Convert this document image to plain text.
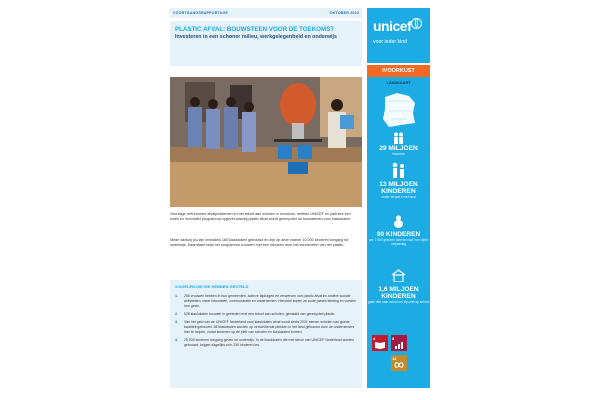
VOORTGANGSRAPPORTAGE	OKTOBER 2023
unicef
voor ieder kind
PLASTIC AFVAL: BOUWSTEEN VOOR DE TOEKOMST
Investeren in een schoner milieu, werkgelegenheid en onderwijs
IVOORKUST
Voorzage heft enorme afvalproblemen en het tekort aan scholen in Ivoorkust, hebben UNICEF en partners een uniek en innovatief programma opgezet waarbij plastic afval wordt gerecycled tot bouwstenen voor klaslokalen.
Mede dankzij jou zijn inmiddels 160 klaslokalen gebouwd en zijn op deze manier 10.000 kinderen toegang tot onderwijs. Daarnaast helpt het programma vrouwen met een inkomen door het verzamelen van het plastic.
3 DOELEN DIE WE HEBBEN GESTELD
1. 250 vrouwen hebben in hun gemeenten, actieve bijdragen en verwerven van plastic afval en andere sociale activiteiten, meer inkomsten, communicatie en ondernemen. Hierdoor kopen ze oude plastic kleding en voeden hun gezin.
2. 528 klaslokalen bouwen in gebieden met een tekort aan scholen, gemaakt van gerecycled plastic.
3. Van het geld van de UNICEF Nederland voor klaslokalen afval wordt sinds 2021 stenen scholen van goede kwaliteit gebouwd. 65 klaslokalen worden op verschillende plekken in het land gebouwd door de ondernemers hier te helpen, zodat kinderen op de plek van scholen en klaslokalen komen.
4. 25.000 kinderen toegang geven tot onderwijs. In de klaslokalen die met steun van UNICEF Nederland worden gebouwd, krijgen dagelijks zo'n 250 kinderen les.
LANDKAART
29 MILJOEN
inwoners
13 MILJOEN KINDEREN
onder 18 jaar in het land
90 KINDEREN
per 1.000 geboren sterven voor hun vijfde verjaardag
1,6 MILJOEN KINDEREN
gaan niet naar school en zijn niet op school
4	8
12
